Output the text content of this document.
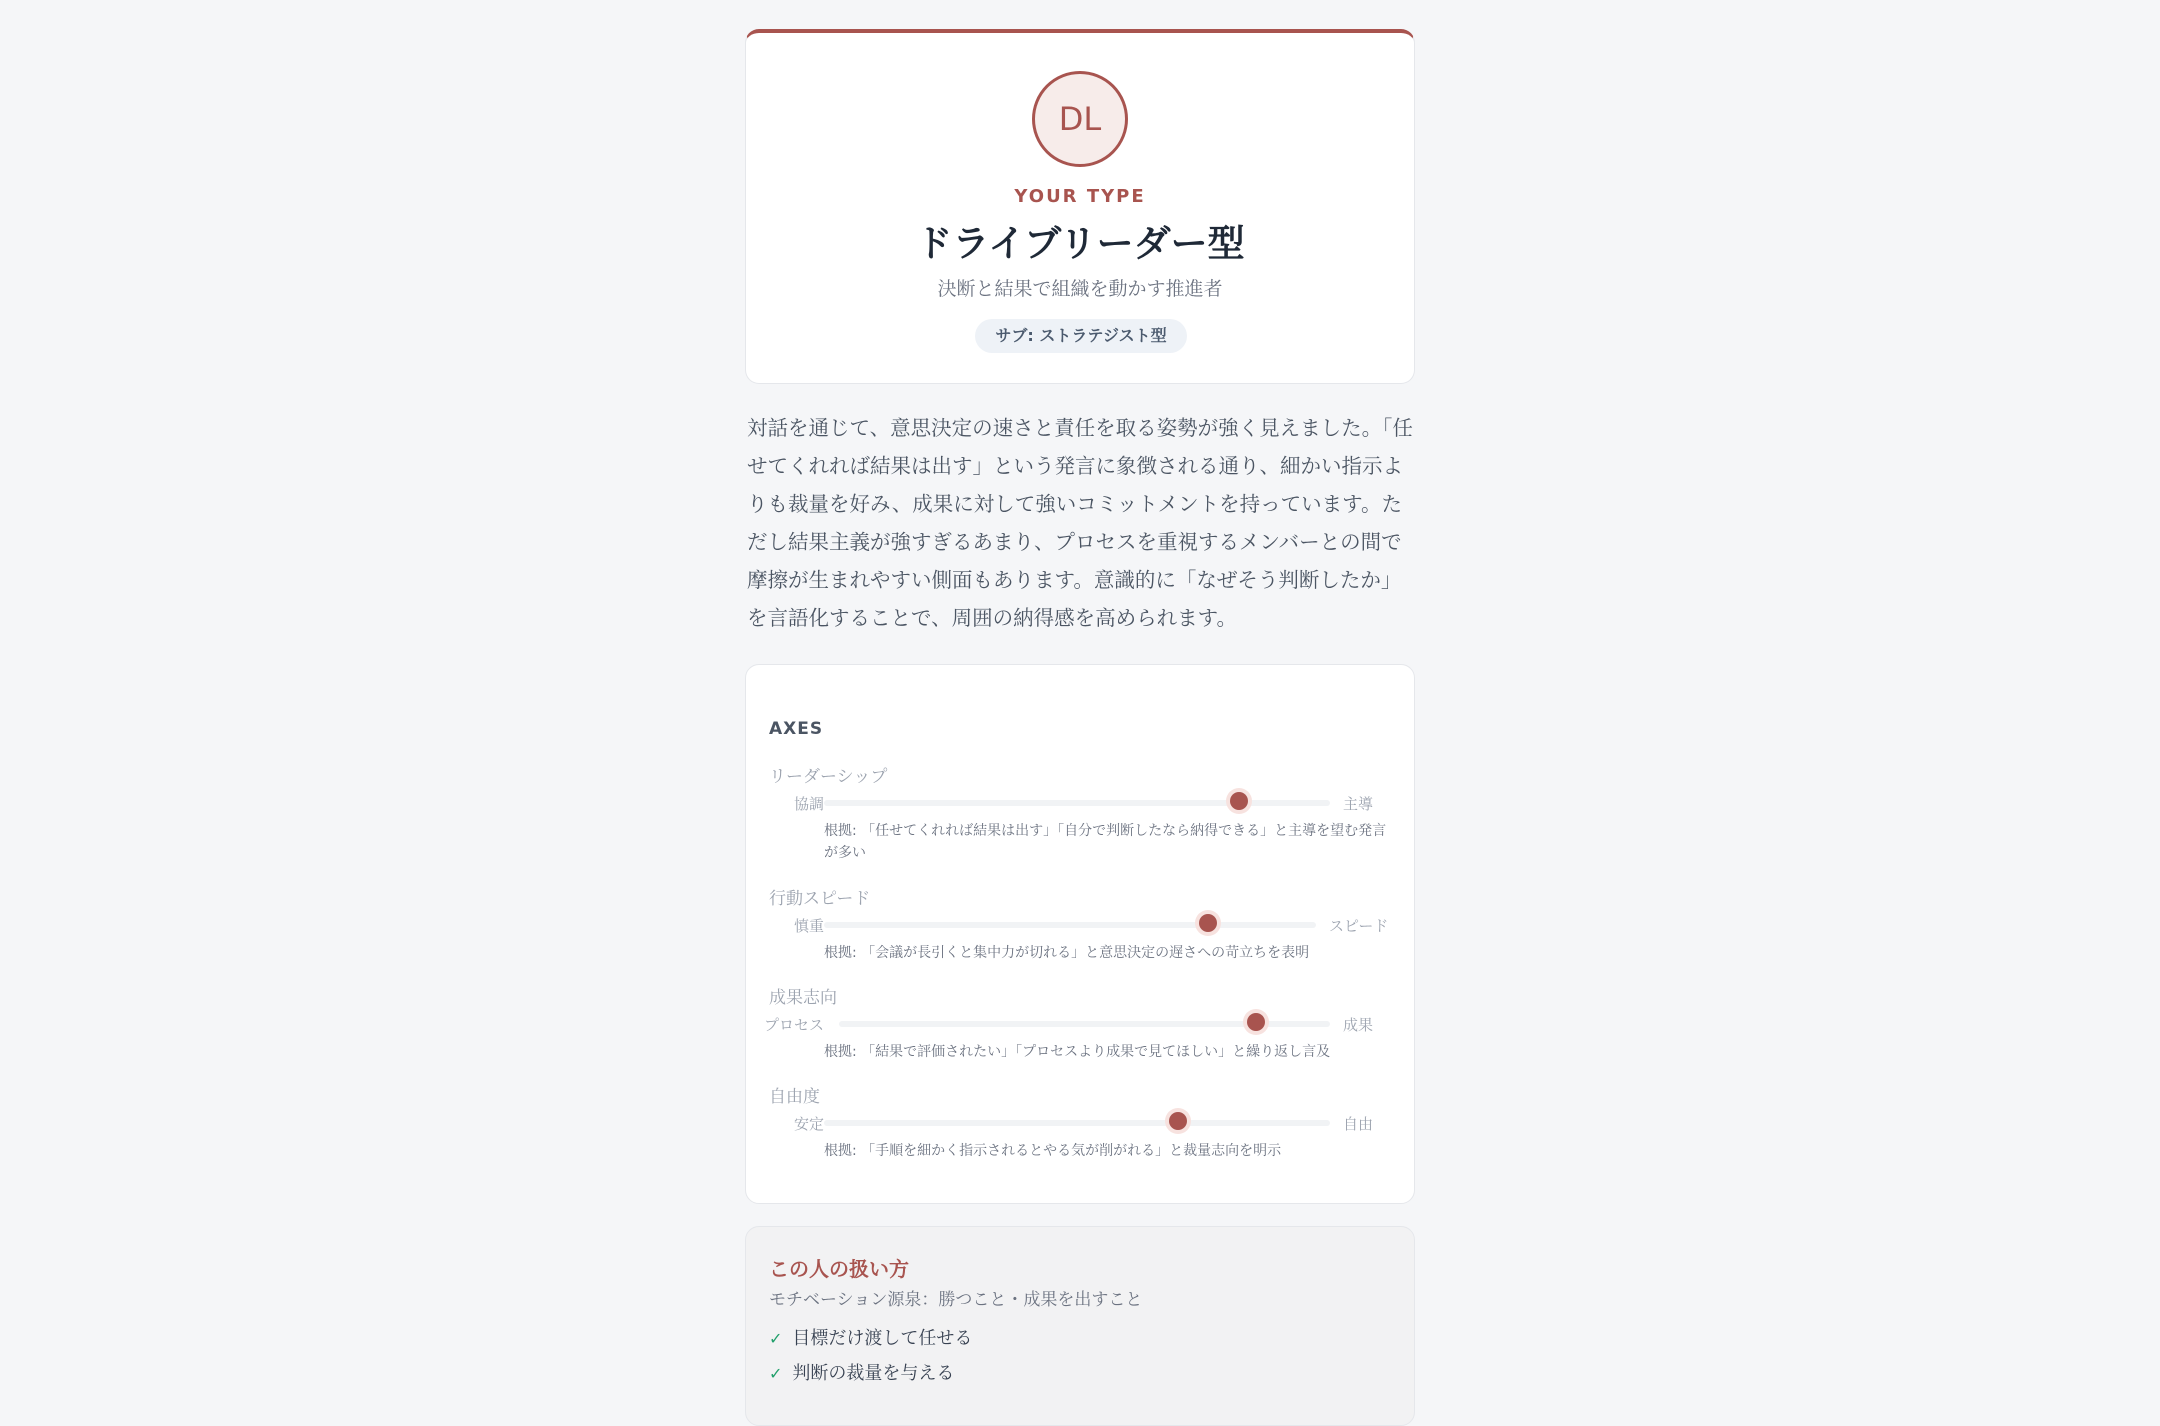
DL
YOUR TYPE
ドライブリーダー型
決断と結果で組織を動かす推進者
サブ: ストラテジスト型
対話を通じて、意思決定の速さと責任を取る姿勢が強く見えました。「任せてくれれば結果は出す」という発言に象徴される通り、細かい指示よりも裁量を好み、成果に対して強いコミットメントを持っています。ただし結果主義が強すぎるあまり、プロセスを重視するメンバーとの間で摩擦が生まれやすい側面もあります。意識的に「なぜそう判断したか」を言語化することで、周囲の納得感を高められます。
AXES
リーダーシップ
協調	主導
根拠: 「任せてくれれば結果は出す」「自分で判断したなら納得できる」と主導を望む発言が多い
行動スピード
慎重	スピード
根拠: 「会議が長引くと集中力が切れる」と意思決定の遅さへの苛立ちを表明
成果志向
プロセス	成果
根拠: 「結果で評価されたい」「プロセスより成果で見てほしい」と繰り返し言及
自由度
安定	自由
根拠: 「手順を細かく指示されるとやる気が削がれる」と裁量志向を明示
この人の扱い方
モチベーション源泉：勝つこと・成果を出すこと
✓ 目標だけ渡して任せる
✓ 判断の裁量を与える
